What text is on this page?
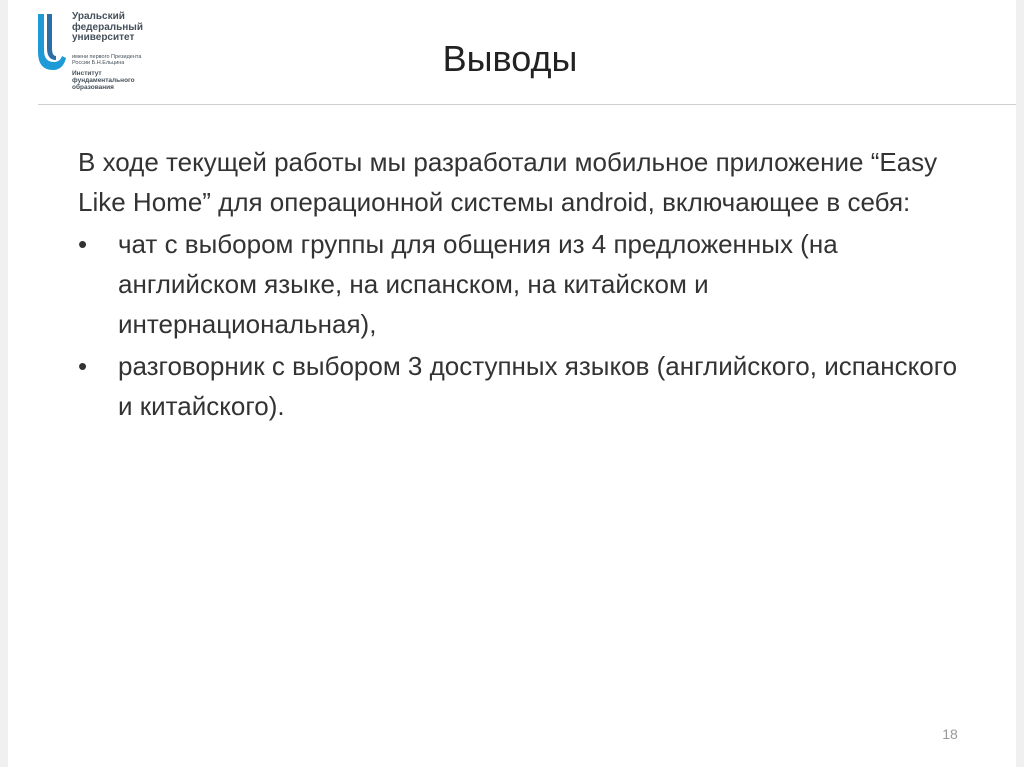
Уральский
федеральный
университет
имени первого Президента
России Б.Н.Ельцина
Институт
фундаментального
образования
Выводы

В ходе текущей работы мы разработали мобильное приложение “Easy Like Home” для операционной системы android, включающее в себя:

•	чат с выбором группы для общения из 4 предложенных (на английском языке, на испанском, на китайском и интернациональная),
•	разговорник с выбором 3 доступных языков (английского, испанского и китайского).
18
